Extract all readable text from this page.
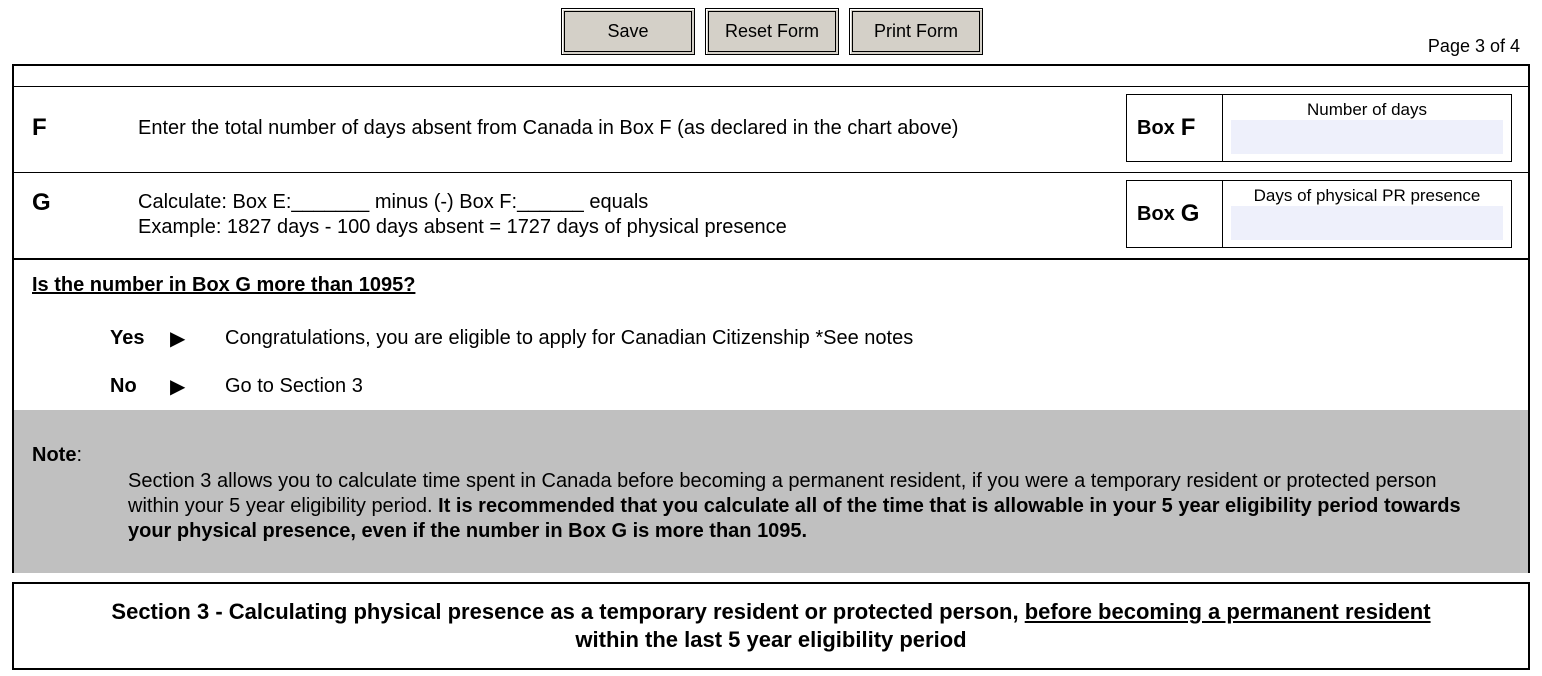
Save	Reset Form	Print Form
Page 3 of 4
F	Enter the total number of days absent from Canada in Box F (as declared in the chart above)	Box F
Number of days
G	Calculate: Box E:_______ minus (-) Box F:______ equals
Example: 1827 days - 100 days absent = 1727 days of physical presence
Box G
Days of physical PR presence
Is the number in Box G more than 1095?
Yes	▶	Congratulations, you are eligible to apply for Canadian Citizenship *See notes
No	▶	Go to Section 3
Note:
Section 3 allows you to calculate time spent in Canada before becoming a permanent resident, if you were a temporary resident or protected person within your 5 year eligibility period. It is recommended that you calculate all of the time that is allowable in your 5 year eligibility period towards your physical presence, even if the number in Box G is more than 1095.
Section 3 - Calculating physical presence as a temporary resident or protected person, before becoming a permanent resident
within the last 5 year eligibility period
